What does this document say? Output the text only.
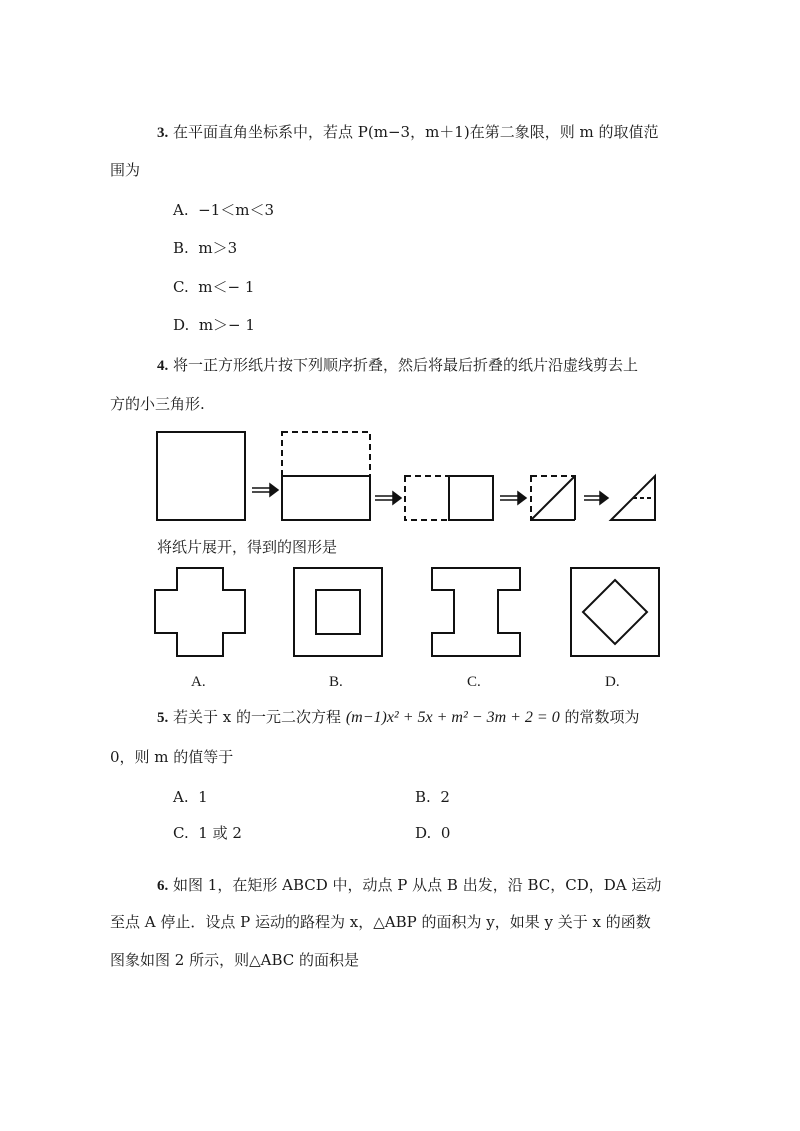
3. 在平面直角坐标系中，若点 P(m−3，m＋1)在第二象限，则 m 的取值范
围为
A. −1＜m＜3
B. m＞3
C. m＜− 1
D. m＞− 1
4. 将一正方形纸片按下列顺序折叠，然后将最后折叠的纸片沿虚线剪去上
方的小三角形.
将纸片展开，得到的图形是
A.	B.	C.	D.
5. 若关于 x 的一元二次方程 (m−1)x² + 5x + m² − 3m + 2 = 0 的常数项为
0，则 m 的值等于
A. 1	B. 2
C. 1 或 2	D. 0
6. 如图 1，在矩形 ABCD 中，动点 P 从点 B 出发，沿 BC，CD，DA 运动
至点 A 停止．设点 P 运动的路程为 x，△ABP 的面积为 y，如果 y 关于 x 的函数
图象如图 2 所示，则△ABC 的面积是
